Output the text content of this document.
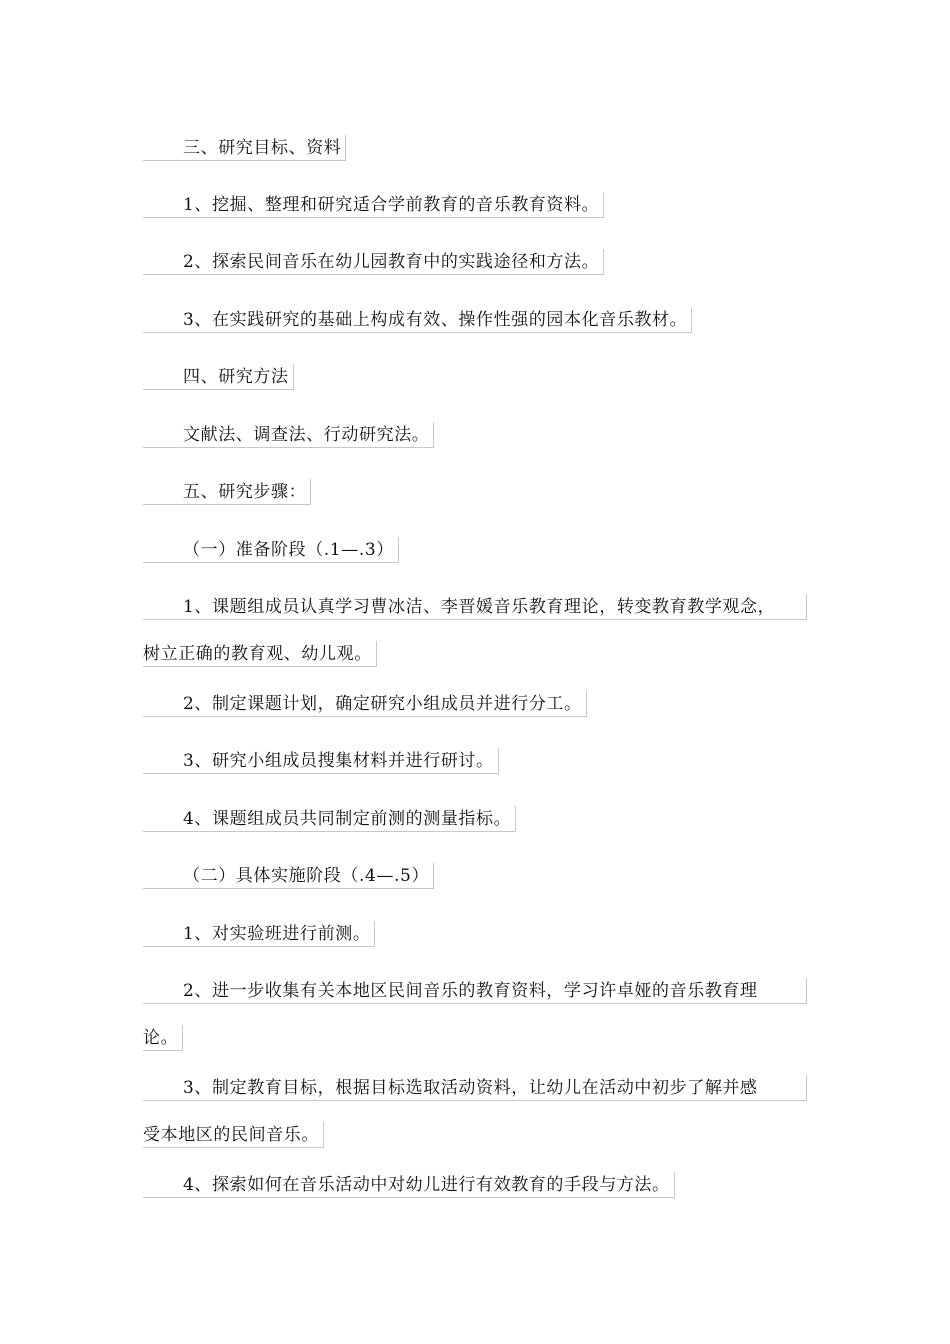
三、研究目标、资料
1、挖掘、整理和研究适合学前教育的音乐教育资料。
2、探索民间音乐在幼儿园教育中的实践途径和方法。
3、在实践研究的基础上构成有效、操作性强的园本化音乐教材。
四、研究方法
文献法、调查法、行动研究法。
五、研究步骤：
（一）准备阶段（.1—.3）
1、课题组成员认真学习曹冰洁、李晋媛音乐教育理论，转变教育教学观念，
树立正确的教育观、幼儿观。
2、制定课题计划，确定研究小组成员并进行分工。
3、研究小组成员搜集材料并进行研讨。
4、课题组成员共同制定前测的测量指标。
（二）具体实施阶段（.4—.5）
1、对实验班进行前测。
2、进一步收集有关本地区民间音乐的教育资料，学习许卓娅的音乐教育理
论。
3、制定教育目标，根据目标选取活动资料，让幼儿在活动中初步了解并感
受本地区的民间音乐。
4、探索如何在音乐活动中对幼儿进行有效教育的手段与方法。
